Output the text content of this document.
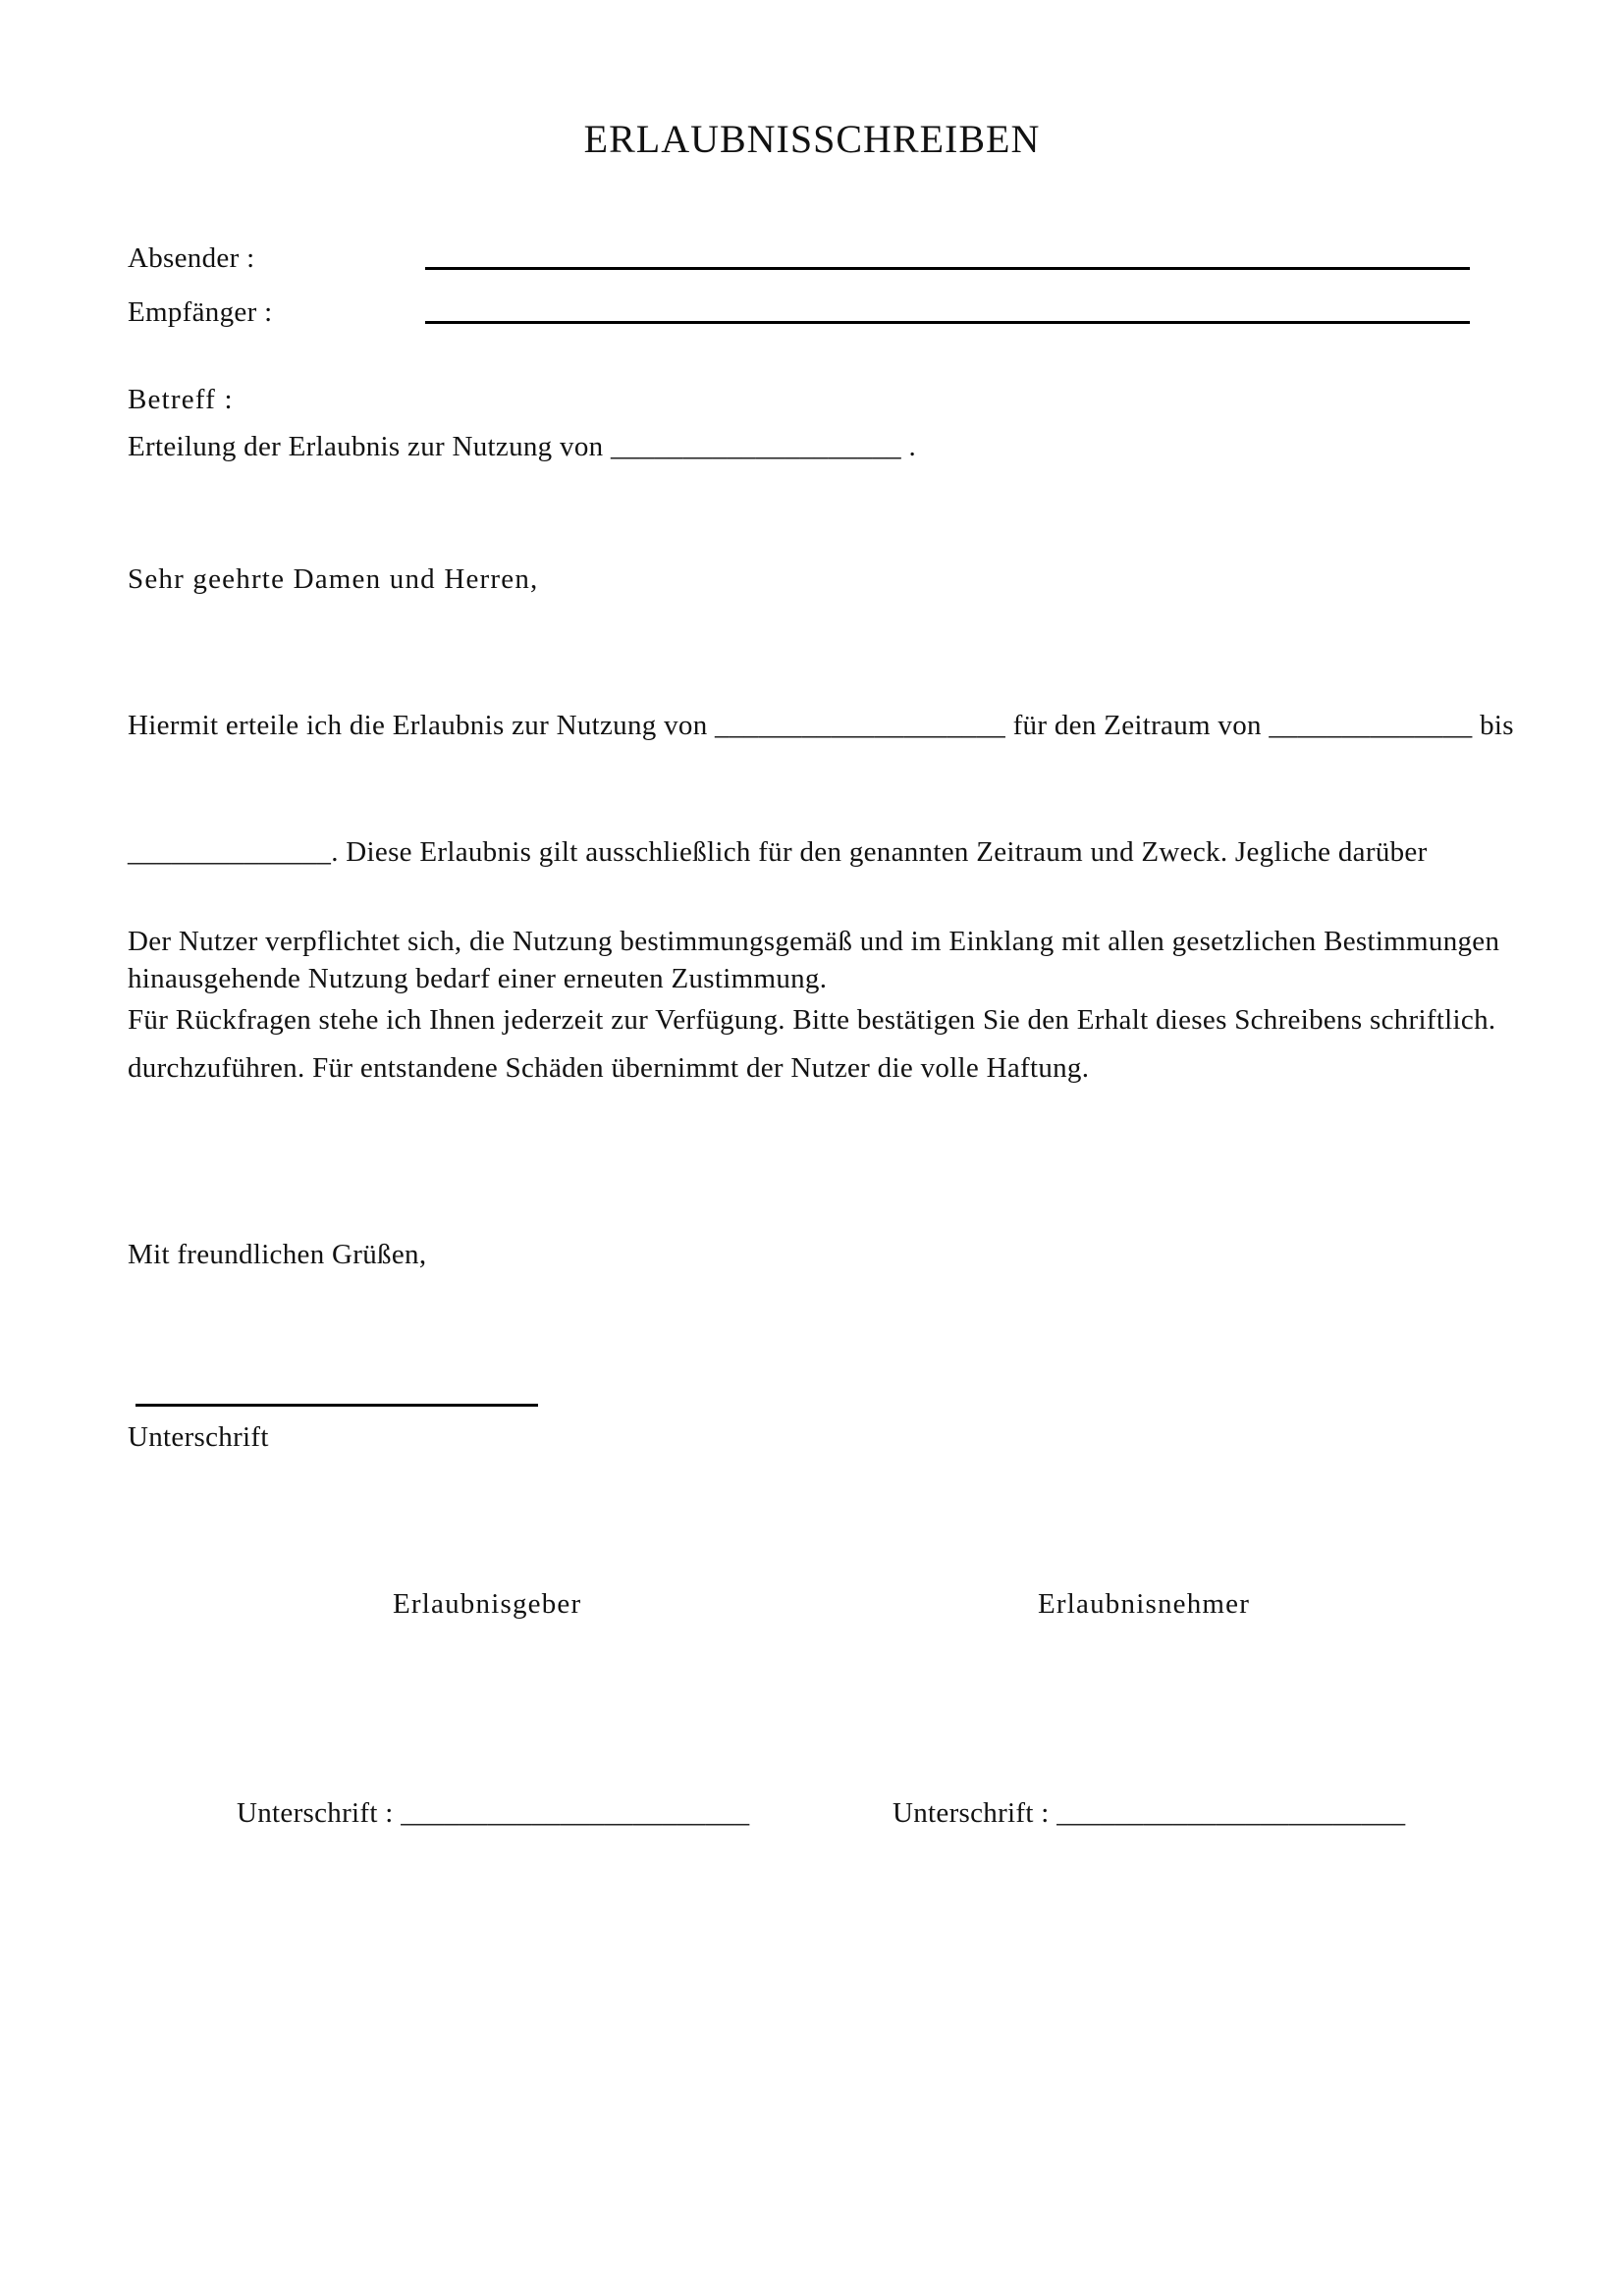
ERLAUBNISSCHREIBEN
Absender :
Empfänger :
Betreff :
Erteilung der Erlaubnis zur Nutzung von ____________________ .
Sehr geehrte Damen und Herren,

Hiermit erteile ich die Erlaubnis zur Nutzung von ____________________ für den Zeitraum von ______________ bis

______________. Diese Erlaubnis gilt ausschließlich für den genannten Zeitraum und Zweck. Jegliche darüber

hinausgehende Nutzung bedarf einer erneuten Zustimmung.

Der Nutzer verpflichtet sich, die Nutzung bestimmungsgemäß und im Einklang mit allen gesetzlichen Bestimmungen

durchzuführen. Für entstandene Schäden übernimmt der Nutzer die volle Haftung.

Für Rückfragen stehe ich Ihnen jederzeit zur Verfügung. Bitte bestätigen Sie den Erhalt dieses Schreibens schriftlich.
Mit freundlichen Grüßen,
Unterschrift
Erlaubnisgeber	Erlaubnisnehmer
Unterschrift : ________________________	Unterschrift : ________________________
